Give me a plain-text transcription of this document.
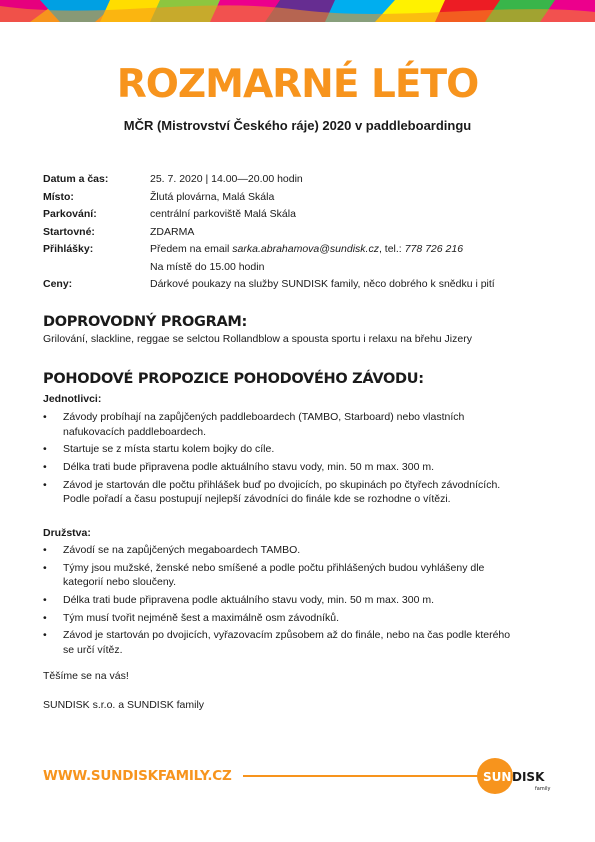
ROZMARNÉ LÉTO
MČR (Mistrovství Českého ráje) 2020 v paddleboardingu
Datum a čas:	25. 7. 2020 | 14.00—20.00 hodin
Místo:	Žlutá plovárna, Malá Skála
Parkování:	centrální parkoviště Malá Skála
Startovné:	ZDARMA
Přihlášky:	Předem na email sarka.abrahamova@sundisk.cz, tel.: 778 726 216
Na místě do 15.00 hodin
Ceny:	Dárkové poukazy na služby SUNDISK family, něco dobrého k snědku i pití
DOPROVODNÝ PROGRAM:
Grilování, slackline, reggae se selctou Rollandblow a spousta sportu i relaxu na břehu Jizery
POHODOVÉ PROPOZICE POHODOVÉHO ZÁVODU:
Jednotlivci:
• Závody probíhají na zapůjčených paddleboardech (TAMBO, Starboard) nebo vlastních nafukovacích paddleboardech.
• Startuje se z místa startu kolem bojky do cíle.
• Délka trati bude připravena podle aktuálního stavu vody, min. 50 m max. 300 m.
• Závod je startován dle počtu přihlášek buď po dvojicích, po skupinách po čtyřech závodnících. Podle pořadí a času postupují nejlepší závodníci do finále kde se rozhodne o vítězi.
Družstva:
• Závodí se na zapůjčených megaboardech TAMBO.
• Týmy jsou mužské, ženské nebo smíšené a podle počtu přihlášených budou vyhlášeny dle kategorií nebo sloučeny.
• Délka trati bude připravena podle aktuálního stavu vody, min. 50 m max. 300 m.
• Tým musí tvořit nejméně šest a maximálně osm závodníků.
• Závod je startován po dvojicích, vyřazovacím způsobem až do finále, nebo na čas podle kterého se určí vítěz.
Těšíme se na vás!
SUNDISK s.r.o. a SUNDISK family
WWW.SUNDISKFAMILY.CZ	SUN DISK
family
